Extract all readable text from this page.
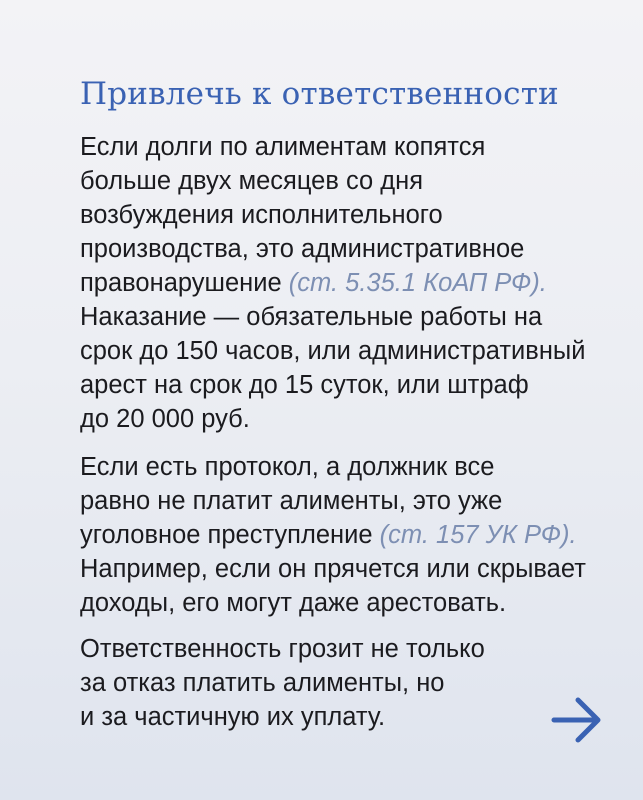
Привлечь к ответственности

Если долги по алиментам копятся
больше двух месяцев со дня
возбуждения исполнительного
производства, это административное
правонарушение (ст. 5.35.1 КоАП РФ).
Наказание — обязательные работы на
срок до 150 часов, или административный
арест на срок до 15 суток, или штраф
до 20 000 руб.

Если есть протокол, а должник все
равно не платит алименты, это уже
уголовное преступление (ст. 157 УК РФ).
Например, если он прячется или скрывает
доходы, его могут даже арестовать.

Ответственность грозит не только
за отказ платить алименты, но
и за частичную их уплату.
